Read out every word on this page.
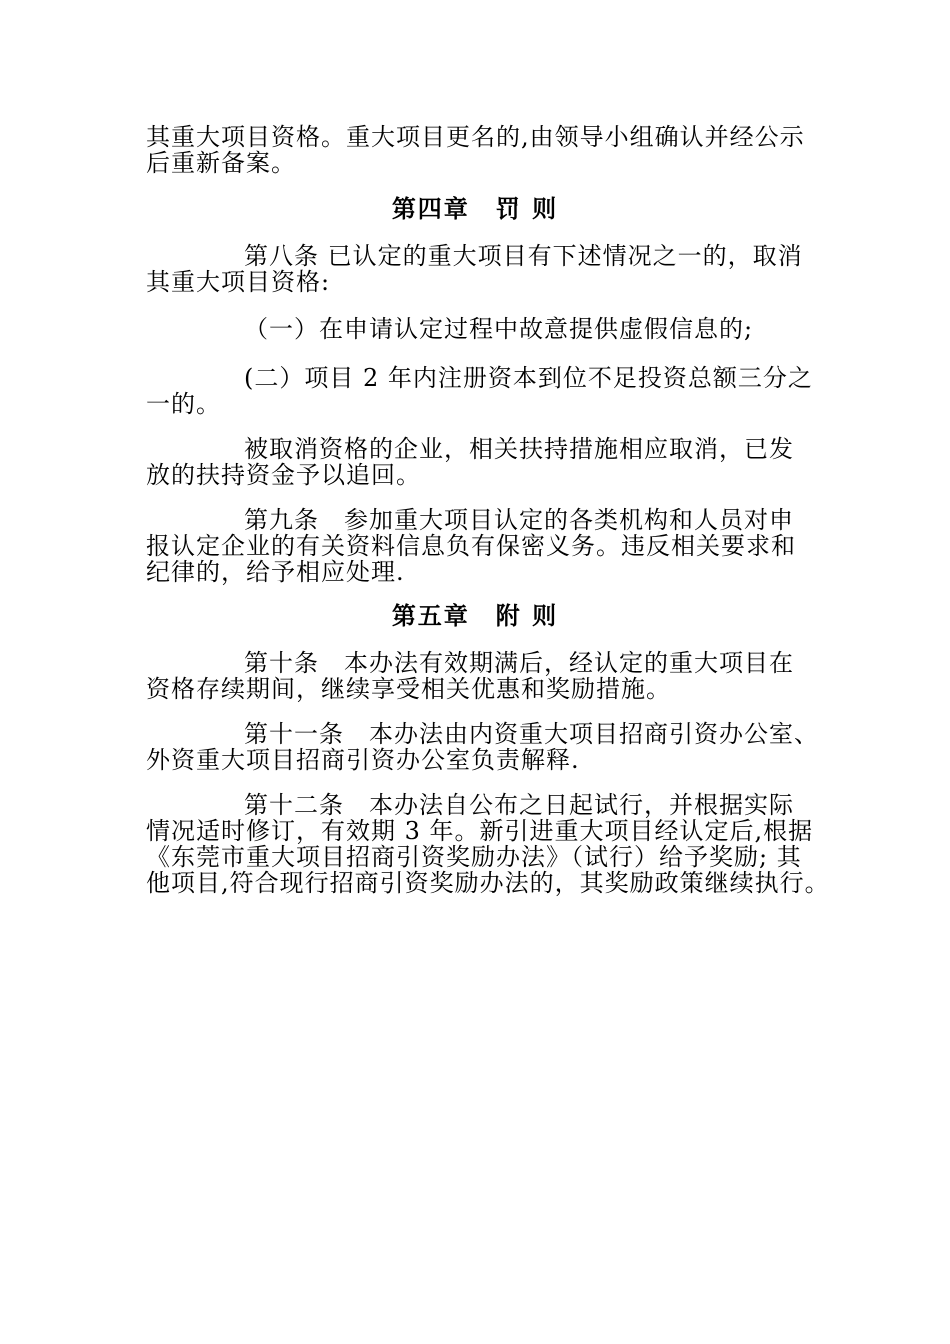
其重大项目资格。重大项目更名的,由领导小组确认并经公示
后重新备案。
第四章　罚 则
第八条 已认定的重大项目有下述情况之一的，取消
其重大项目资格:
（一）在申请认定过程中故意提供虚假信息的;
(二）项目 2 年内注册资本到位不足投资总额三分之
一的。
被取消资格的企业，相关扶持措施相应取消，已发
放的扶持资金予以追回。
第九条　参加重大项目认定的各类机构和人员对申
报认定企业的有关资料信息负有保密义务。违反相关要求和
纪律的，给予相应处理.
第五章　附 则
第十条　本办法有效期满后，经认定的重大项目在
资格存续期间，继续享受相关优惠和奖励措施。
第十一条　本办法由内资重大项目招商引资办公室、
外资重大项目招商引资办公室负责解释.
第十二条　本办法自公布之日起试行，并根据实际
情况适时修订，有效期 3 年。新引进重大项目经认定后,根据
《东莞市重大项目招商引资奖励办法》（试行）给予奖励; 其
他项目,符合现行招商引资奖励办法的，其奖励政策继续执行。
